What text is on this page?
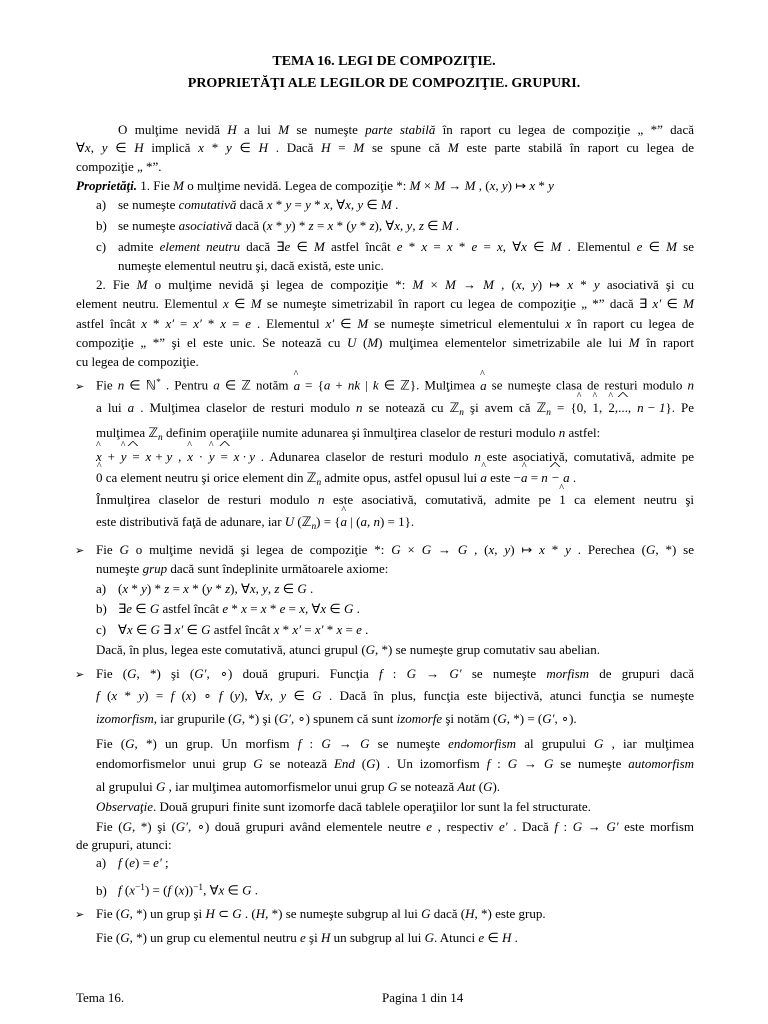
TEMA 16. LEGI DE COMPOZIŢIE.
PROPRIETĂŢI ALE LEGILOR DE COMPOZIŢIE. GRUPURI.
O mulţime nevidă H a lui M se numeşte parte stabilă în raport cu legea de compoziţie „ *” dacă
∀x, y ∈ H implică x * y ∈ H . Dacă H = M se spune că M este parte stabilă în raport cu legea de
compoziţie „ *”.
Proprietăţi. 1. Fie M o mulţime nevidă. Legea de compoziţie *: M × M → M , (x, y) ↦ x * y
a) se numeşte comutativă dacă x * y = y * x, ∀x, y ∈ M .
b) se numeşte asociativă dacă (x * y) * z = x * (y * z), ∀x, y, z ∈ M .
c) admite element neutru dacă ∃e ∈ M astfel încât e * x = x * e = x, ∀x ∈ M . Elementul e ∈ M se
numeşte elementul neutru şi, dacă există, este unic.
2. Fie M o mulţime nevidă şi legea de compoziţie *: M × M → M , (x, y) ↦ x * y asociativă şi cu
element neutru. Elementul x ∈ M se numeşte simetrizabil în raport cu legea de compoziţie „ *” dacă ∃ x′ ∈ M
astfel încât x * x′ = x′ * x = e . Elementul x′ ∈ M se numeşte simetricul elementului x în raport cu legea de
compoziţie „ *” şi el este unic. Se notează cu U (M) mulţimea elementelor simetrizabile ale lui M în raport
cu legea de compoziţie.
➢ Fie n ∈ ℕ* . Pentru a ∈ ℤ notăm ^ a = {a + nk | k ∈ ℤ}. Mulţimea ^ a se numeşte clasa de resturi modulo n
a lui a . Mulţimea claselor de resturi modulo n se notează cu ℤ$_n$ şi avem că ℤ$_n$ = {^ 0, ^ 1, ^ 2,..., ^ n − 1}. Pe
mulţimea ℤ$_n$ definim operaţiile numite adunarea şi înmulţirea claselor de resturi modulo n astfel:
^ x + ^ y = ^ x + y , ^ x · ^ y = ^ x · y . Adunarea claselor de resturi modulo n este asociativă, comutativă, admite pe
^ 0 ca element neutru şi orice element din ℤ$_n$ admite opus, astfel opusul lui ^ a este −^ a = ^ n − a .
Înmulţirea claselor de resturi modulo n este asociativă, comutativă, admite pe ^ 1 ca element neutru şi
este distributivă faţă de adunare, iar U (ℤ$_n$) = {^ a | (a, n) = 1}.
➢ Fie G o mulţime nevidă şi legea de compoziţie *: G × G → G , (x, y) ↦ x * y . Perechea (G, *) se
numeşte grup dacă sunt îndeplinite următoarele axiome:
a) (x * y) * z = x * (y * z), ∀x, y, z ∈ G .
b) ∃e ∈ G astfel încât e * x = x * e = x, ∀x ∈ G .
c) ∀x ∈ G ∃ x′ ∈ G astfel încât x * x′ = x′ * x = e .
Dacă, în plus, legea este comutativă, atunci grupul (G, *) se numeşte grup comutativ sau abelian.
➢ Fie (G, *) şi (G′, ∘) două grupuri. Funcţia f : G → G′ se numeşte morfism de grupuri dacă
f (x * y) = f (x) ∘ f (y), ∀x, y ∈ G . Dacă în plus, funcţia este bijectivă, atunci funcţia se numeşte
izomorfism, iar grupurile (G, *) şi (G′, ∘) spunem că sunt izomorfe şi notăm (G, *) = (G′, ∘).
Fie (G, *) un grup. Un morfism f : G → G se numeşte endomorfism al grupului G , iar mulţimea
endomorfismelor unui grup G se notează End (G) . Un izomorfism f : G → G se numeşte automorfism
al grupului G , iar mulţimea automorfismelor unui grup G se notează Aut (G).
Observaţie. Două grupuri finite sunt izomorfe dacă tablele operaţiilor lor sunt la fel structurate.
Fie (G, *) şi (G′, ∘) două grupuri având elementele neutre e , respectiv e′ . Dacă f : G → G′ este morfism
de grupuri, atunci:
a) f (e) = e′ ;
b) f $(x^{-1}) = (f$ (x))$^{-1}$, ∀x ∈ G .
➢ Fie (G, *) un grup şi H ⊂ G . (H, *) se numeşte subgrup al lui G dacă (H, *) este grup.
Fie (G, *) un grup cu elementul neutru e şi H un subgrup al lui G. Atunci e ∈ H .
Tema 16.	Pagina 1 din 14
